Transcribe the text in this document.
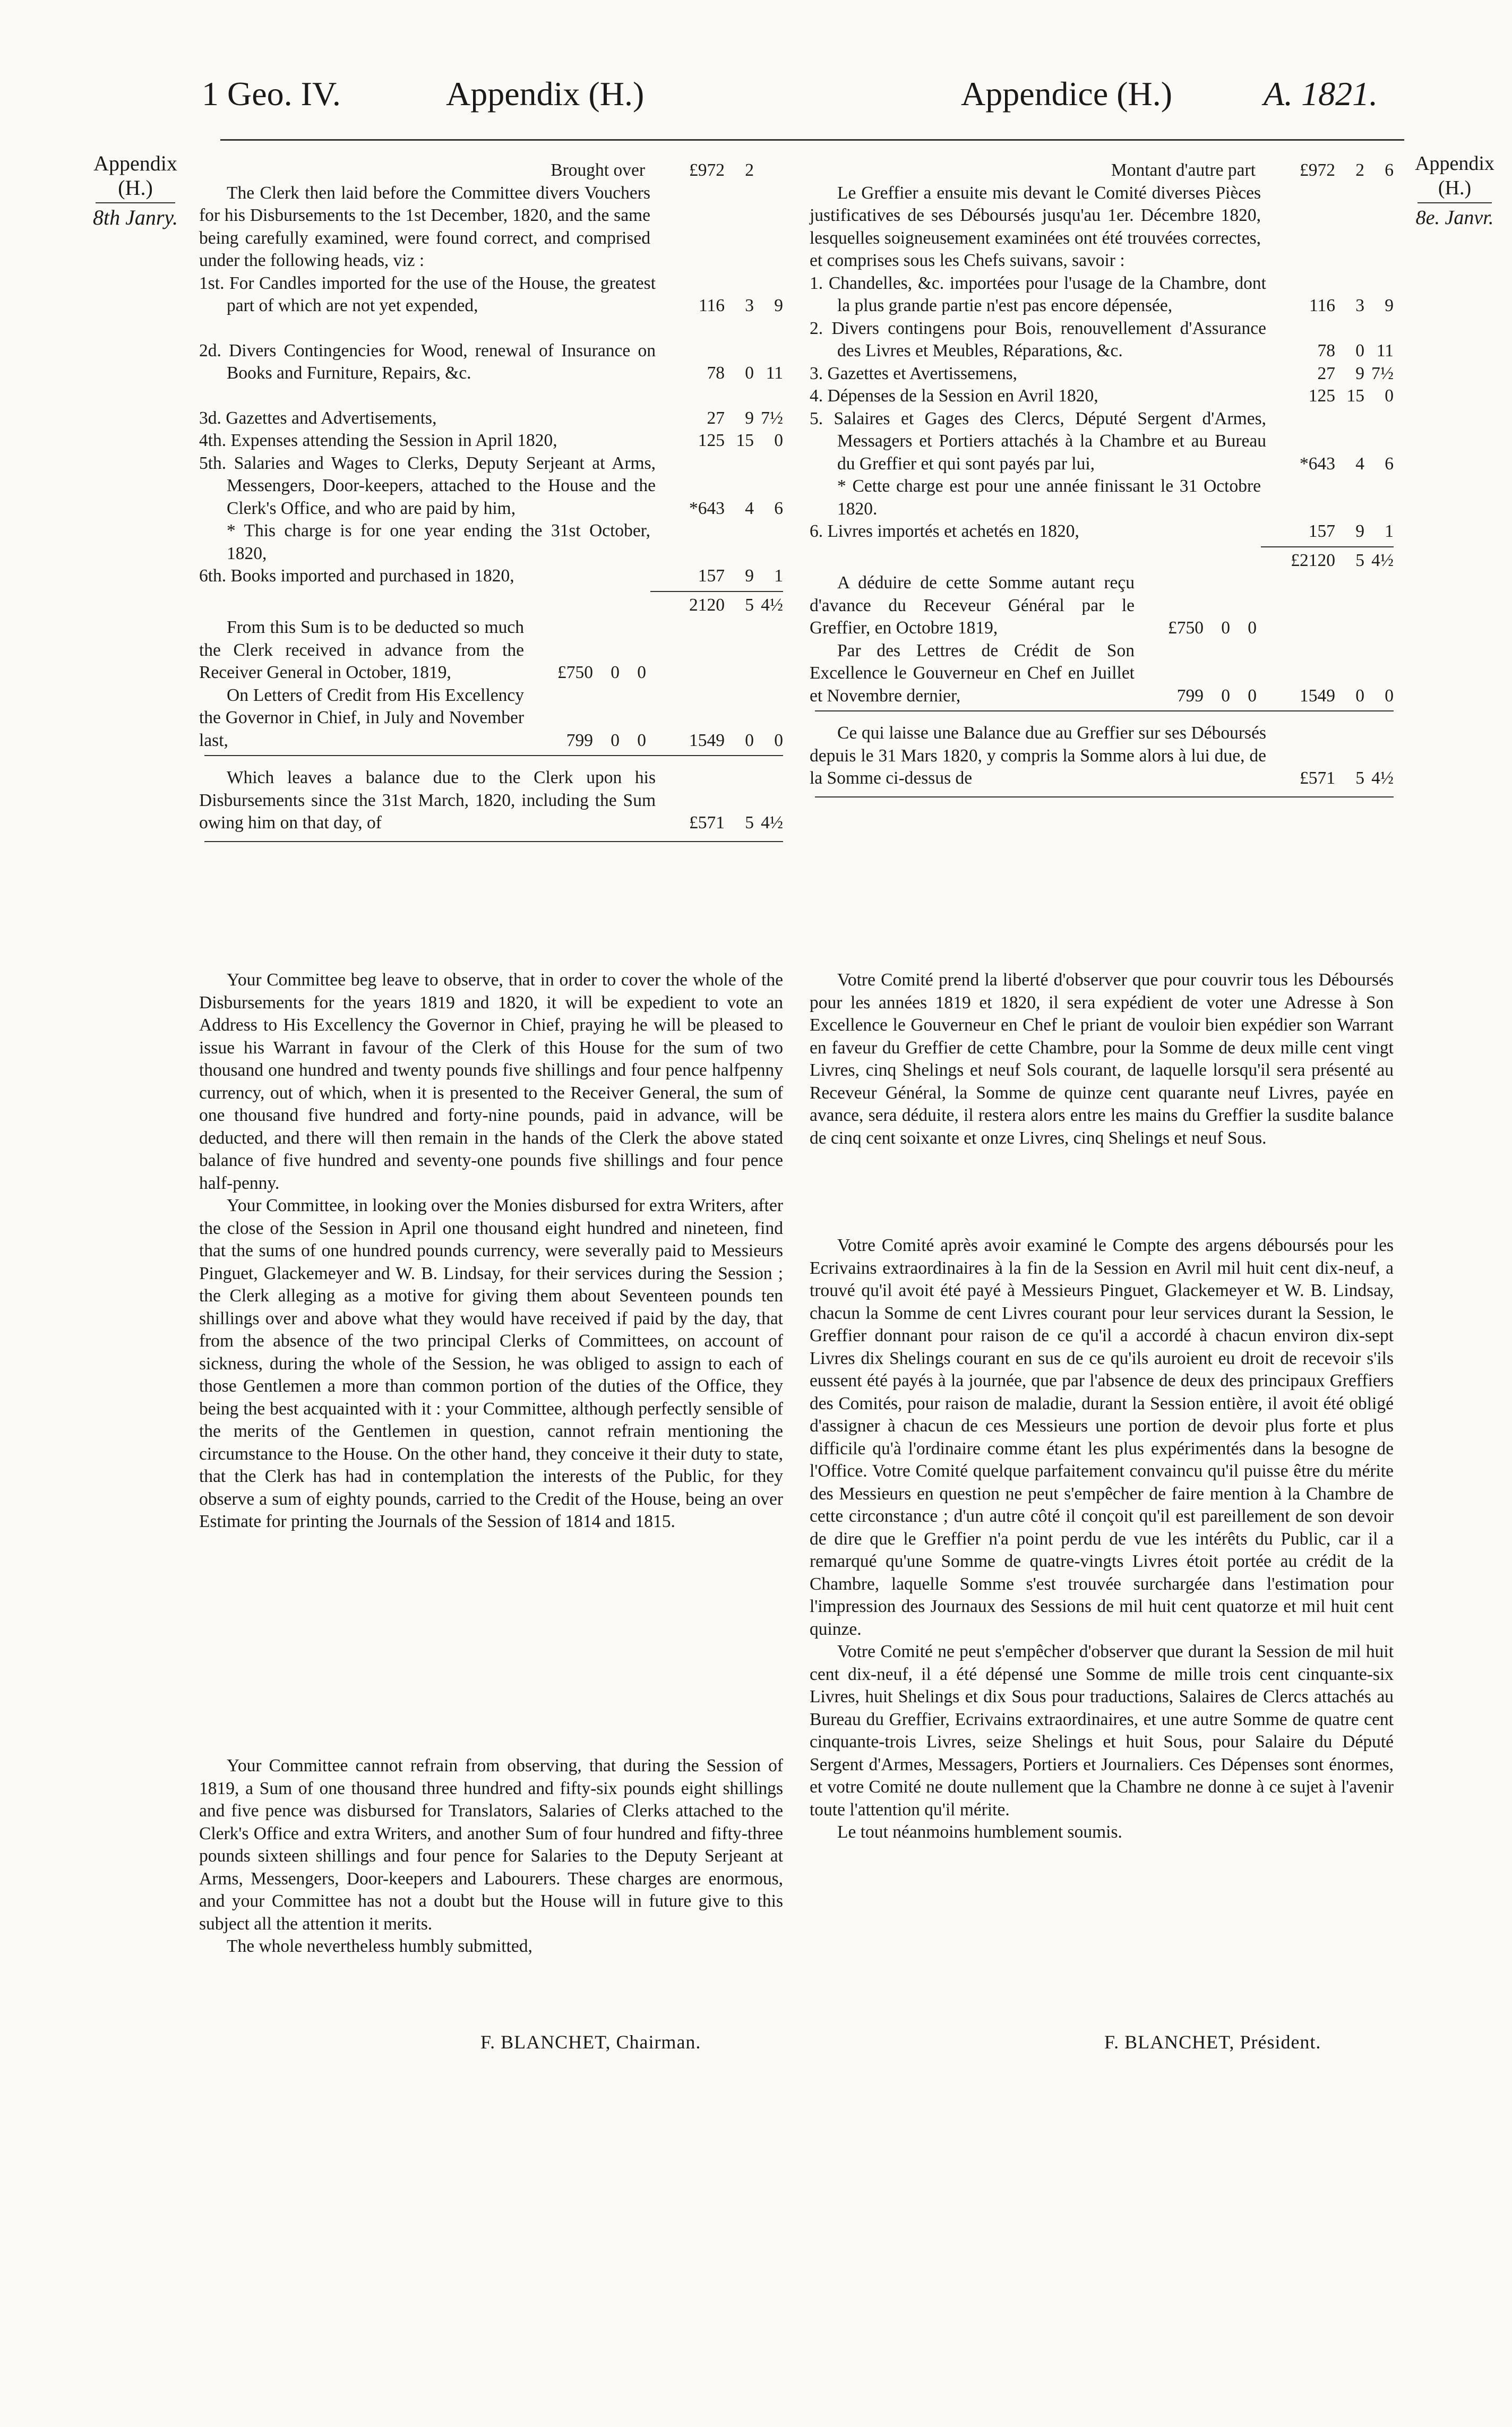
1 Geo. IV.	Appendix (H.)	Appendice (H.)	A. 1821.
Appendix
(H.)
8th Janry.
Appendix
(H.)
8e. Janvr.
Brought over	£972	2

The Clerk then laid before the Committee divers Vouchers for his Disbursements to the 1st December, 1820, and the same being carefully examined, were found correct, and comprised under the following heads, viz :

1st. For Candles imported for the use of the House, the greatest part of which are not yet expended,	116	3	9

2d. Divers Contingencies for Wood, renewal of Insurance on Books and Furniture, Repairs, &c.	78	0 11

3d. Gazettes and Advertisements,	27	9 7½

4th. Expenses attending the Session in April 1820,	125 15	0

5th. Salaries and Wages to Clerks, Deputy Serjeant at Arms, Messengers, Door-keepers, attached to the House and the Clerk's Office, and who are paid by him,	*643	4	6

* This charge is for one year ending the 31st October, 1820,

6th. Books imported and purchased in 1820,	157	9	1
2120	5 4½

From this Sum is to be deducted so much the Clerk received in advance from the Receiver General in October, 1819,	£750 0 0

On Letters of Credit from His Excellency the Governor in Chief, in July and November last,	799 0 0	1549	0	0

Which leaves a balance due to the Clerk upon his Disbursements since the 31st March, 1820, including the Sum owing him on that day, of	£571	5 4½
Montant d'autre part	£972	2	6

Le Greffier a ensuite mis devant le Comité diverses Pièces justificatives de ses Déboursés jusqu'au 1er. Décembre 1820, lesquelles soigneusement examinées ont été trouvées correctes, et comprises sous les Chefs suivans, savoir :

1. Chandelles, &c. importées pour l'usage de la Chambre, dont la plus grande partie n'est pas encore dépensée,	116	3	9

2. Divers contingens pour Bois, renouvellement d'Assurance des Livres et Meubles, Réparations, &c.	78	0 11

3. Gazettes et Avertissemens,	27	9 7½

4. Dépenses de la Session en Avril 1820,	125 15	0

5. Salaires et Gages des Clercs, Député Sergent d'Armes, Messagers et Portiers attachés à la Chambre et au Bureau du Greffier et qui sont payés par lui,	*643	4	6

* Cette charge est pour une année finissant le 31 Octobre 1820.

6. Livres importés et achetés en 1820,	157	9	1
£2120	5 4½

A déduire de cette Somme autant reçu d'avance du Receveur Général par le Greffier, en Octobre 1819,	£750 0 0

Par des Lettres de Crédit de Son Excellence le Gouverneur en Chef en Juillet et Novembre dernier,	799 0 0	1549	0	0

Ce qui laisse une Balance due au Greffier sur ses Déboursés depuis le 31 Mars 1820, y compris la Somme alors à lui due, de la Somme ci-dessus de	£571	5 4½

Your Committee beg leave to observe, that in order to cover the whole of the Disbursements for the years 1819 and 1820, it will be expedient to vote an Address to His Excellency the Governor in Chief, praying he will be pleased to issue his Warrant in favour of the Clerk of this House for the sum of two thousand one hundred and twenty pounds five shillings and four pence halfpenny currency, out of which, when it is presented to the Receiver General, the sum of one thousand five hundred and forty-nine pounds, paid in advance, will be deducted, and there will then remain in the hands of the Clerk the above stated balance of five hundred and seventy-one pounds five shillings and four pence half-penny.

Your Committee, in looking over the Monies disbursed for extra Writers, after the close of the Session in April one thousand eight hundred and nineteen, find that the sums of one hundred pounds currency, were severally paid to Messieurs Pinguet, Glackemeyer and W. B. Lindsay, for their services during the Session ; the Clerk alleging as a motive for giving them about Seventeen pounds ten shillings over and above what they would have received if paid by the day, that from the absence of the two principal Clerks of Committees, on account of sickness, during the whole of the Session, he was obliged to assign to each of those Gentlemen a more than common portion of the duties of the Office, they being the best acquainted with it : your Committee, although perfectly sensible of the merits of the Gentlemen in question, cannot refrain mentioning the circumstance to the House. On the other hand, they conceive it their duty to state, that the Clerk has had in contemplation the interests of the Public, for they observe a sum of eighty pounds, carried to the Credit of the House, being an over Estimate for printing the Journals of the Session of 1814 and 1815.

Your Committee cannot refrain from observing, that during the Session of 1819, a Sum of one thousand three hundred and fifty-six pounds eight shillings and five pence was disbursed for Translators, Salaries of Clerks attached to the Clerk's Office and extra Writers, and another Sum of four hundred and fifty-three pounds sixteen shillings and four pence for Salaries to the Deputy Serjeant at Arms, Messengers, Door-keepers and Labourers. These charges are enormous, and your Committee has not a doubt but the House will in future give to this subject all the attention it merits.

The whole nevertheless humbly submitted,

Votre Comité prend la liberté d'observer que pour couvrir tous les Déboursés pour les années 1819 et 1820, il sera expédient de voter une Adresse à Son Excellence le Gouverneur en Chef le priant de vouloir bien expédier son Warrant en faveur du Greffier de cette Chambre, pour la Somme de deux mille cent vingt Livres, cinq Shelings et neuf Sols courant, de laquelle lorsqu'il sera présenté au Receveur Général, la Somme de quinze cent quarante neuf Livres, payée en avance, sera déduite, il restera alors entre les mains du Greffier la susdite balance de cinq cent soixante et onze Livres, cinq Shelings et neuf Sous.

Votre Comité après avoir examiné le Compte des argens déboursés pour les Ecrivains extraordinaires à la fin de la Session en Avril mil huit cent dix-neuf, a trouvé qu'il avoit été payé à Messieurs Pinguet, Glackemeyer et W. B. Lindsay, chacun la Somme de cent Livres courant pour leur services durant la Session, le Greffier donnant pour raison de ce qu'il a accordé à chacun environ dix-sept Livres dix Shelings courant en sus de ce qu'ils auroient eu droit de recevoir s'ils eussent été payés à la journée, que par l'absence de deux des principaux Greffiers des Comités, pour raison de maladie, durant la Session entière, il avoit été obligé d'assigner à chacun de ces Messieurs une portion de devoir plus forte et plus difficile qu'à l'ordinaire comme étant les plus expérimentés dans la besogne de l'Office. Votre Comité quelque parfaitement convaincu qu'il puisse être du mérite des Messieurs en question ne peut s'empêcher de faire mention à la Chambre de cette circonstance ; d'un autre côté il conçoit qu'il est pareillement de son devoir de dire que le Greffier n'a point perdu de vue les intérêts du Public, car il a remarqué qu'une Somme de quatre-vingts Livres étoit portée au crédit de la Chambre, laquelle Somme s'est trouvée surchargée dans l'estimation pour l'impression des Journaux des Sessions de mil huit cent quatorze et mil huit cent quinze.

Votre Comité ne peut s'empêcher d'observer que durant la Session de mil huit cent dix-neuf, il a été dépensé une Somme de mille trois cent cinquante-six Livres, huit Shelings et dix Sous pour traductions, Salaires de Clercs attachés au Bureau du Greffier, Ecrivains extraordinaires, et une autre Somme de quatre cent cinquante-trois Livres, seize Shelings et huit Sous, pour Salaire du Député Sergent d'Armes, Messagers, Portiers et Journaliers. Ces Dépenses sont énormes, et votre Comité ne doute nullement que la Chambre ne donne à ce sujet à l'avenir toute l'attention qu'il mérite.

Le tout néanmoins humblement soumis.

F. BLANCHET, Chairman.	F. BLANCHET, Président.
